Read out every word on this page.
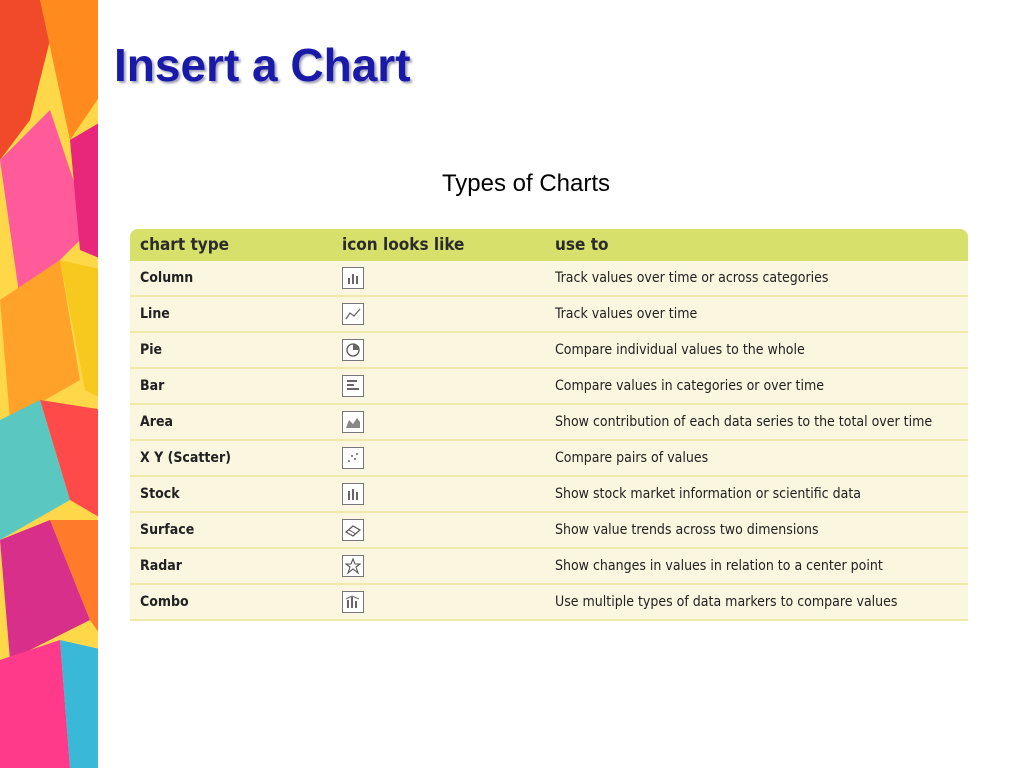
Insert a Chart
Types of Charts
chart type	icon looks like	use to
Column		Track values over time or across categories
Line		Track values over time
Pie		Compare individual values to the whole
Bar		Compare values in categories or over time
Area		Show contribution of each data series to the total over time
X Y (Scatter)		Compare pairs of values
Stock		Show stock market information or scientific data
Surface		Show value trends across two dimensions
Radar		Show changes in values in relation to a center point
Combo		Use multiple types of data markers to compare values
